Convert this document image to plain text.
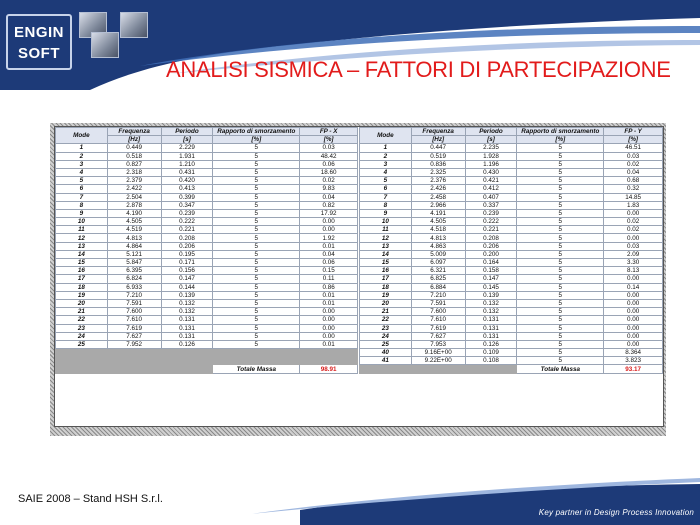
ENGIN
SOFT
ANALISI SISMICA – FATTORI DI PARTECIPAZIONE
Mode	Frequenza	Periodo	Rapporto di smorzamento	FP - X
	[Hz]	[s]	[%]	[%]
1	0.449	2.229	5	0.03
2	0.518	1.931	5	48.42
3	0.827	1.210	5	0.06
4	2.318	0.431	5	18.60
5	2.379	0.420	5	0.02
6	2.422	0.413	5	9.83
7	2.504	0.399	5	0.04
8	2.878	0.347	5	0.82
9	4.190	0.239	5	17.92
10	4.505	0.222	5	0.00
11	4.519	0.221	5	0.00
12	4.813	0.208	5	1.92
13	4.864	0.206	5	0.01
14	5.121	0.195	5	0.04
15	5.847	0.171	5	0.06
16	6.395	0.156	5	0.15
17	6.824	0.147	5	0.11
18	6.933	0.144	5	0.86
19	7.210	0.139	5	0.01
20	7.591	0.132	5	0.01
21	7.600	0.132	5	0.00
22	7.610	0.131	5	0.00
23	7.619	0.131	5	0.00
24	7.627	0.131	5	0.00
25	7.952	0.126	5	0.01

			Totale Massa	98.91
Mode	Frequenza	Periodo	Rapporto di smorzamento	FP - Y
	[Hz]	[s]	[%]	[%]
1	0.447	2.235	5	46.51
2	0.519	1.928	5	0.03
3	0.836	1.196	5	0.02
4	2.325	0.430	5	0.04
5	2.376	0.421	5	0.68
6	2.426	0.412	5	0.32
7	2.458	0.407	5	14.85
8	2.966	0.337	5	1.83
9	4.191	0.239	5	0.00
10	4.505	0.222	5	0.02
11	4.518	0.221	5	0.02
12	4.813	0.208	5	0.00
13	4.863	0.206	5	0.03
14	5.009	0.200	5	2.09
15	6.097	0.164	5	3.30
16	6.321	0.158	5	8.13
17	6.825	0.147	5	0.00
18	6.884	0.145	5	0.14
19	7.210	0.139	5	0.00
20	7.591	0.132	5	0.00
21	7.600	0.132	5	0.00
22	7.610	0.131	5	0.00
23	7.619	0.131	5	0.00
24	7.627	0.131	5	0.00
25	7.953	0.126	5	0.00
40	9.16E+00	0.109	5	8.364
41	9.22E+00	0.108	5	3.823
			Totale Massa	93.17
SAIE 2008 – Stand HSH S.r.l.
Key partner in Design Process Innovation
